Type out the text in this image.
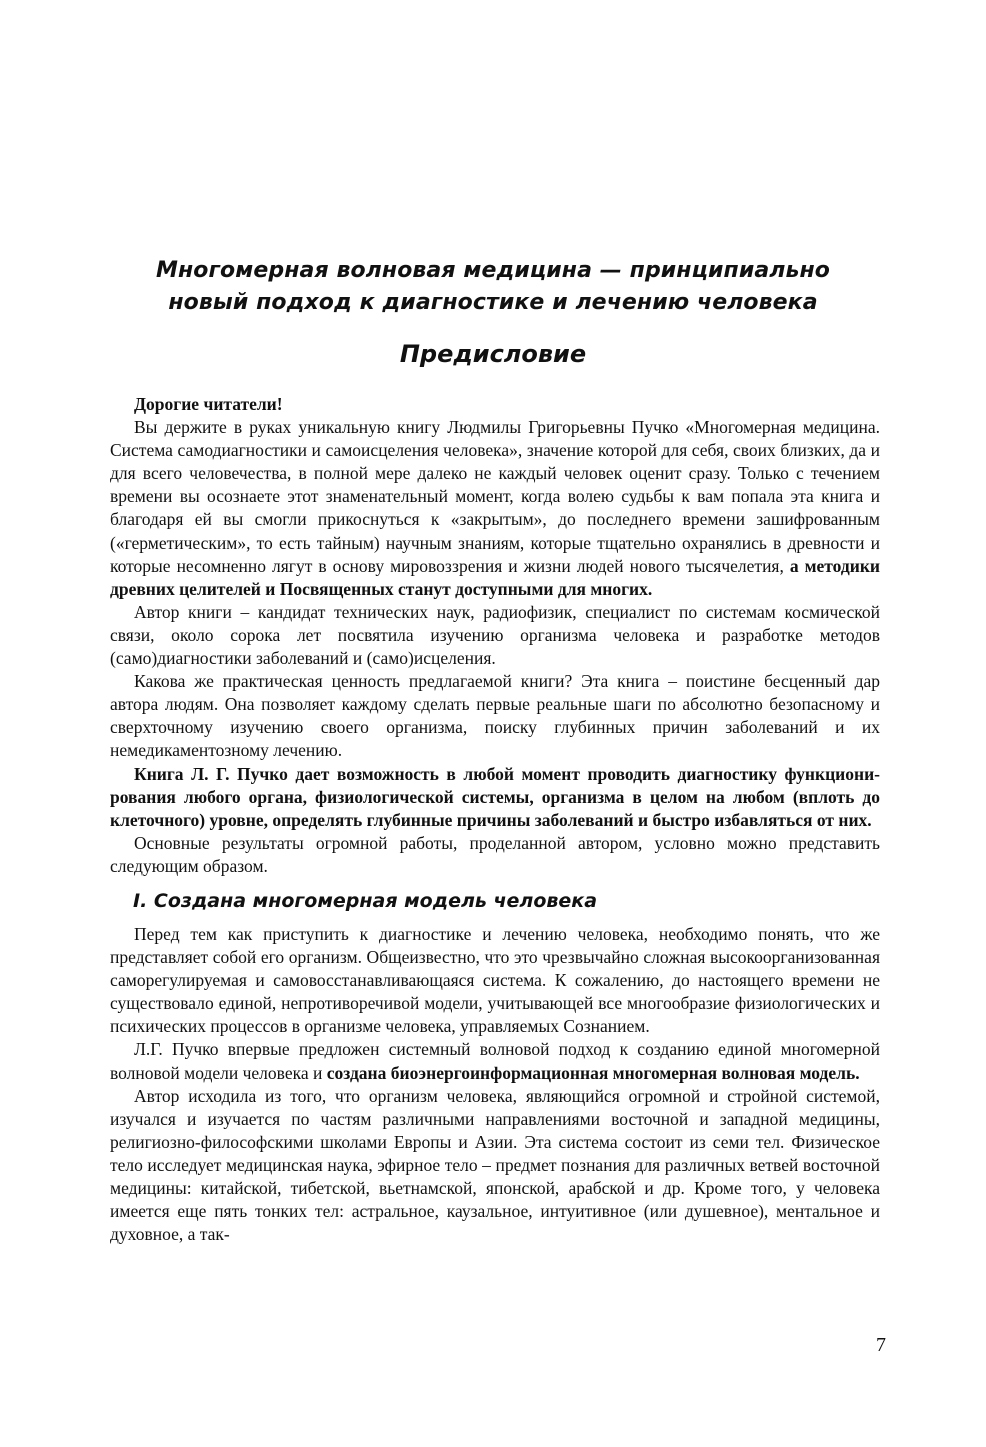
Многомерная волновая медицина — принципиально
новый подход к диагностике и лечению человека
Предисловие

Дорогие читатели!

Вы держите в руках уникальную книгу Людмилы Григорьевны Пучко «Многомерная медицина. Система самодиагностики и самоисцеления человека», значение которой для себя, своих близких, да и для всего человечества, в полной мере далеко не каждый человек оценит сразу. Только с течением времени вы осознаете этот знаменательный момент, когда волею судьбы к вам попала эта книга и благодаря ей вы смогли прикоснуться к «закрытым», до последнего времени зашифрованным («герметическим», то есть тайным) научным знаниям, которые тщательно охранялись в древности и которые несомненно лягут в основу мировоззрения и жизни людей нового тысячелетия, а методики древних целителей и Посвященных станут доступными для многих.

Автор книги – кандидат технических наук, радиофизик, специалист по системам космической связи, около сорока лет посвятила изучению организма человека и разработке методов (само)диагностики заболеваний и (само)исцеления.

Какова же практическая ценность предлагаемой книги? Эта книга – поистине бесценный дар автора людям. Она позволяет каждому сделать первые реальные шаги по абсолютно безопасному и сверхточному изучению своего организма, поиску глубинных причин заболеваний и их немедикаментозному лечению.

Книга Л. Г. Пучко дает возможность в любой момент проводить диагностику функционирования любого органа, физиологической системы, организма в целом на любом (вплоть до клеточного) уровне, определять глубинные причины заболеваний и быстро избавляться от них.

Основные результаты огромной работы, проделанной автором, условно можно представить следующим образом.

I. Создана многомерная модель человека

Перед тем как приступить к диагностике и лечению человека, необходимо понять, что же представляет собой его организм. Общеизвестно, что это чрезвычайно сложная высокоорганизованная саморегулируемая и самовосстанавливающаяся система. К сожалению, до настоящего времени не существовало единой, непротиворечивой модели, учитывающей все многообразие физиологических и психических процессов в организме человека, управляемых Сознанием.

Л.Г. Пучко впервые предложен системный волновой подход к созданию единой многомерной волновой модели человека и создана биоэнергоинформационная многомерная волновая модель.

Автор исходила из того, что организм человека, являющийся огромной и стройной системой, изучался и изучается по частям различными направлениями восточной и западной медицины, религиозно-философскими школами Европы и Азии. Эта система состоит из семи тел. Физическое тело исследует медицинская наука, эфирное тело – предмет познания для различных ветвей восточной медицины: китайской, тибетской, вьетнамской, японской, арабской и др. Кроме того, у человека имеется еще пять тонких тел: астральное, каузальное, интуитивное (или душевное), ментальное и духовное, а так-

7
